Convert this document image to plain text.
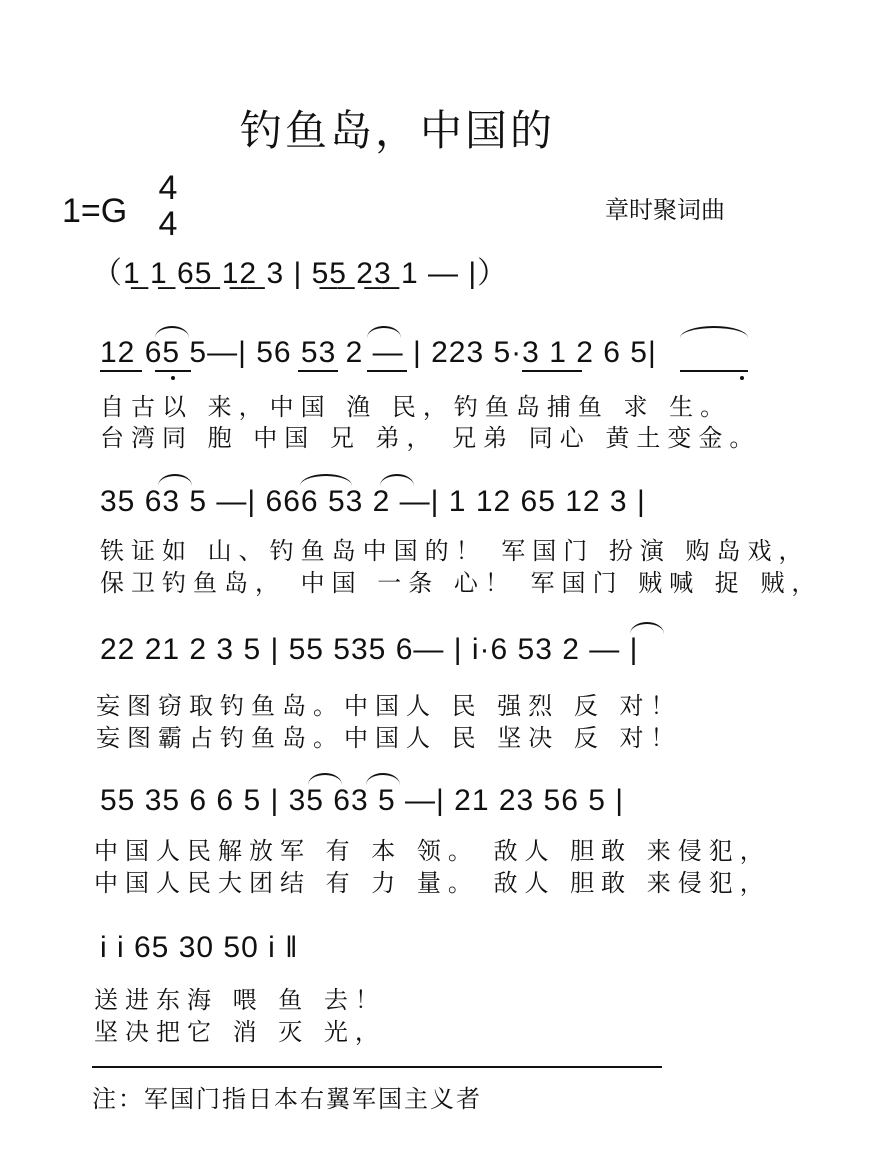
钓鱼岛，中国的
1=G
4
4	章时聚词曲
（1̲ 1̲ 6̲5̲ 1̲2̲ 3 | 5̲5̲ 2̲3̲ 1 — |）
12 65 5—| 56 53 2 — | 223 5·3 1 2 6 5|
自古以 来，中国 渔 民，钓鱼岛捕鱼 求 生。
台湾同 胞 中国 兄 弟， 兄弟 同心 黄土变金。
35 63 5 —| 666 53 2 —| 1 12 65 12 3 |
铁证如 山、钓鱼岛中国的！ 军国门 扮演 购岛戏，
保卫钓鱼岛， 中国 一条 心！ 军国门 贼喊 捉 贼，
22 21 2 3 5 | 55 535 6— | i·6 53 2 — |
妄图窃取钓鱼岛。中国人 民 强烈 反 对！
妄图霸占钓鱼岛。中国人 民 坚决 反 对！
55 35 6 6 5 | 35 63 5 —| 21 23 56 5 |
中国人民解放军 有 本 领。 敌人 胆敢 来侵犯，
中国人民大团结 有 力 量。 敌人 胆敢 来侵犯，
i i 65 30 50 i ‖
送进东海 喂 鱼 去！
坚决把它 消 灭 光，
注：军国门指日本右翼军国主义者
